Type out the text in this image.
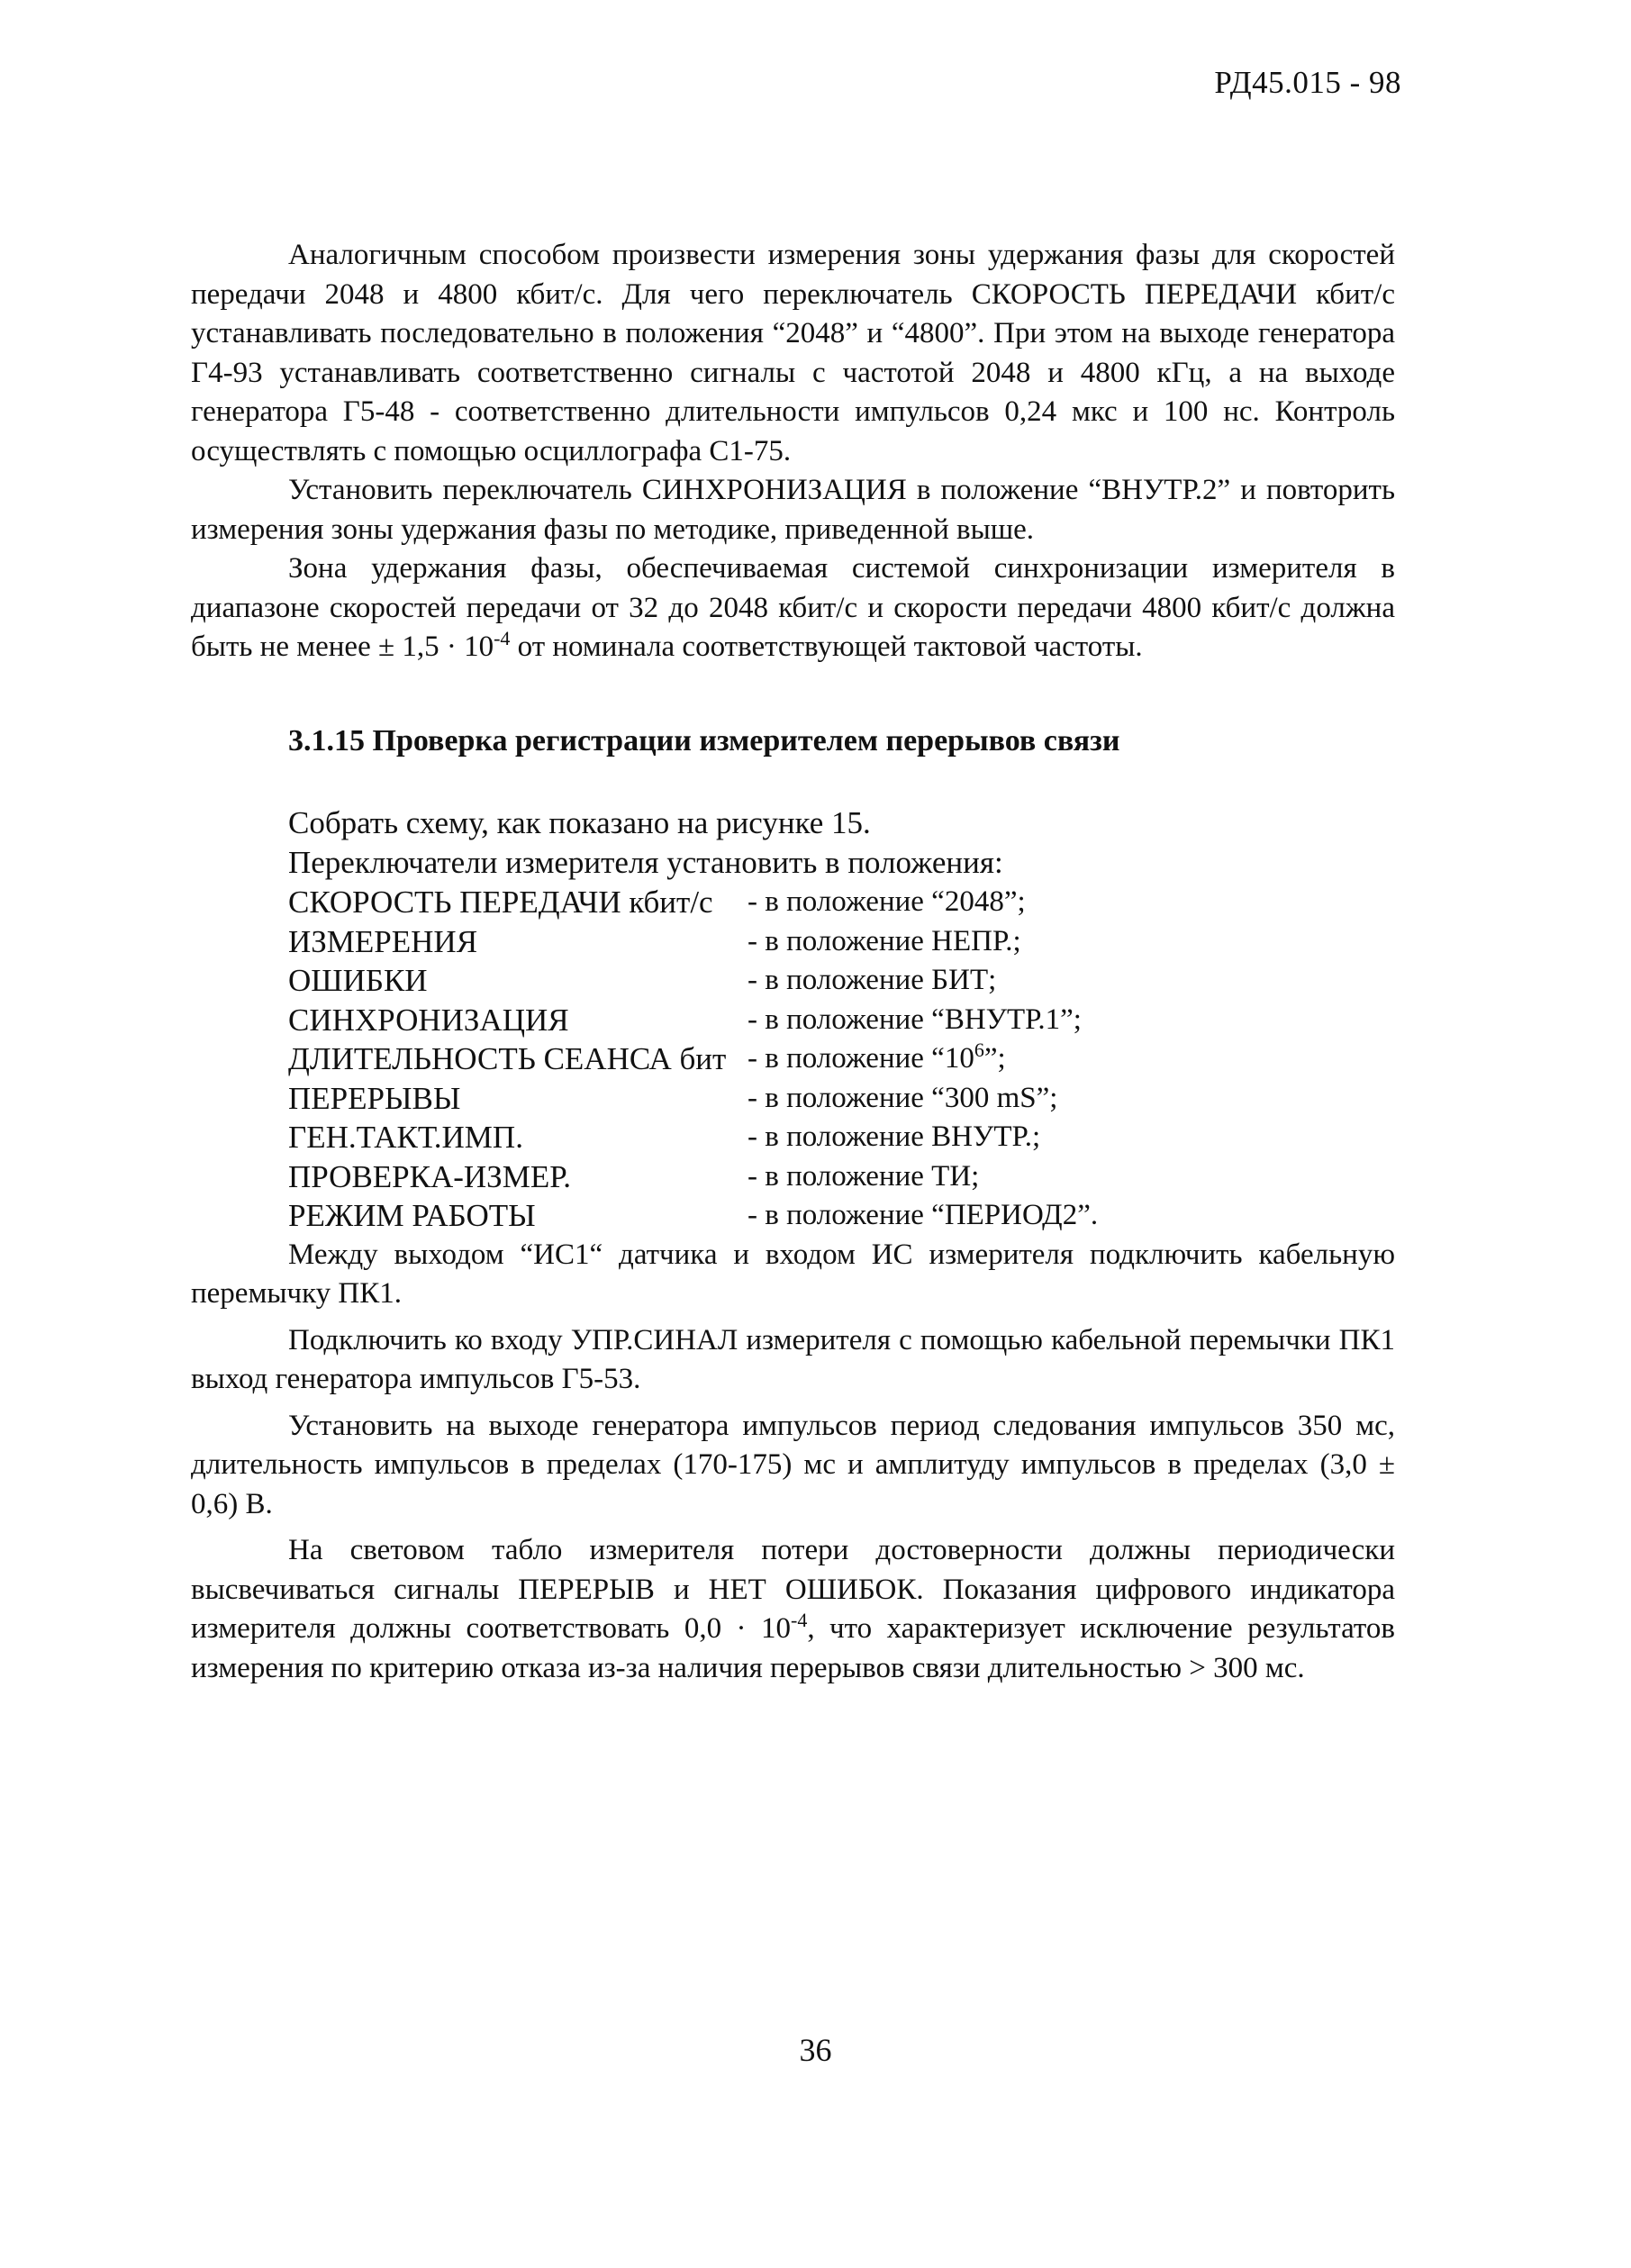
РД45.015 - 98

Аналогичным способом произвести измерения зоны удержания фазы для скоростей передачи 2048 и 4800 кбит/с. Для чего переключатель СКОРОСТЬ ПЕРЕДАЧИ кбит/с устанавливать последовательно в положения “2048” и “4800”. При этом на выходе генератора Г4-93 устанавливать соответственно сигналы с частотой 2048 и 4800 кГц, а на выходе генератора Г5-48 - соответственно длительности импульсов 0,24 мкс и 100 нс. Контроль осуществлять с помощью осциллографа С1-75.

Установить переключатель СИНХРОНИЗАЦИЯ в положение “ВНУТР.2” и повторить измерения зоны удержания фазы по методике, приведенной выше.

Зона удержания фазы, обеспечиваемая системой синхронизации измерителя в диапазоне скоростей передачи от 32 до 2048 кбит/с и скорости передачи 4800 кбит/с должна быть не менее ± $1,5 \cdot 10^{-4}$ от номинала соответствующей тактовой частоты.

3.1.15 Проверка регистрации измерителем перерывов связи
Собрать схему, как показано на рисунке 15.
Переключатели измерителя установить в положения:
СКОРОСТЬ ПЕРЕДАЧИ кбит/с	- в положение “2048”;
ИЗМЕРЕНИЯ	- в положение НЕПР.;
ОШИБКИ	- в положение БИТ;
СИНХРОНИЗАЦИЯ	- в положение “ВНУТР.1”;
ДЛИТЕЛЬНОСТЬ СЕАНСА бит	- в положение “$10^6$”;
ПЕРЕРЫВЫ	- в положение “300 mS”;
ГЕН.ТАКТ.ИМП.	- в положение ВНУТР.;
ПРОВЕРКА-ИЗМЕР.	- в положение ТИ;
РЕЖИМ РАБОТЫ	- в положение “ПЕРИОД2”.

Между выходом “ИС1“ датчика и входом ИС измерителя подключить кабельную перемычку ПК1.

Подключить ко входу УПР.СИНАЛ измерителя с помощью кабельной перемычки ПК1 выход генератора импульсов Г5-53.

Установить на выходе генератора импульсов период следования импульсов 350 мс, длительность импульсов в пределах (170-175) мс и амплитуду импульсов в пределах (3,0 ± 0,6) В.

На световом табло измерителя потери достоверности должны периодически высвечиваться сигналы ПЕРЕРЫВ и НЕТ ОШИБОК. Показания цифрового индикатора измерителя должны соответствовать $0,0 \cdot 10^{-4}$, что характеризует исключение результатов измерения по критерию отказа из-за наличия перерывов связи длительностью > 300 мс.

36
